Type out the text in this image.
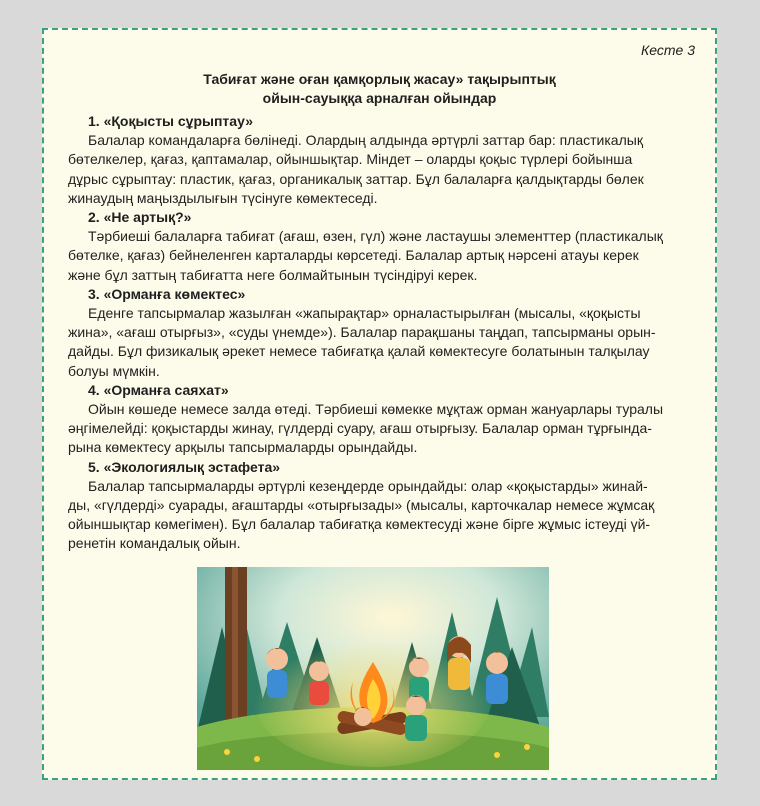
Кесте 3
Табиғат және оған қамқорлық жасау» тақырыптық
ойын-сауыққа арналған ойындар
1. «Қоқысты сұрыптау»
Балалар командаларға бөлінеді. Олардың алдында әртүрлі заттар бар: пластикалық
бөтелкелер, қағаз, қаптамалар, ойыншықтар. Міндет – оларды қоқыс түрлері бойынша
дұрыс сұрыптау: пластик, қағаз, органикалық заттар. Бұл балаларға қалдықтарды бөлек
жинаудың маңыздылығын түсінуге көмектеседі.
2. «Не артық?»
Тәрбиеші балаларға табиғат (ағаш, өзен, гүл) және ластаушы элементтер (пластикалық
бөтелке, қағаз) бейнеленген карталарды көрсетеді. Балалар артық нәрсені атауы керек
және бұл заттың табиғатта неге болмайтынын түсіндіруі керек.
3. «Орманға көмектес»
Еденге тапсырмалар жазылған «жапырақтар» орналастырылған (мысалы, «қоқысты
жина», «ағаш отырғыз», «суды үнемде»). Балалар парақшаны таңдап, тапсырманы орын-
дайды. Бұл физикалық әрекет немесе табиғатқа қалай көмектесуге болатынын талқылау
болуы мүмкін.
4. «Орманға саяхат»
Ойын көшеде немесе залда өтеді. Тәрбиеші көмекке мұқтаж орман жануарлары туралы
әңгімелейді: қоқыстарды жинау, гүлдерді суару, ағаш отырғызу. Балалар орман тұрғында-
рына көмектесу арқылы тапсырмаларды орындайды.
5. «Экологиялық эстафета»
Балалар тапсырмаларды әртүрлі кезеңдерде орындайды: олар «қоқыстарды» жинай-
ды, «гүлдерді» суарады, ағаштарды «отырғызады» (мысалы, карточкалар немесе жұмсақ
ойыншықтар көмегімен). Бұл балалар табиғатқа көмектесуді және бірге жұмыс істеуді үй-
ренетін командалық ойын.
